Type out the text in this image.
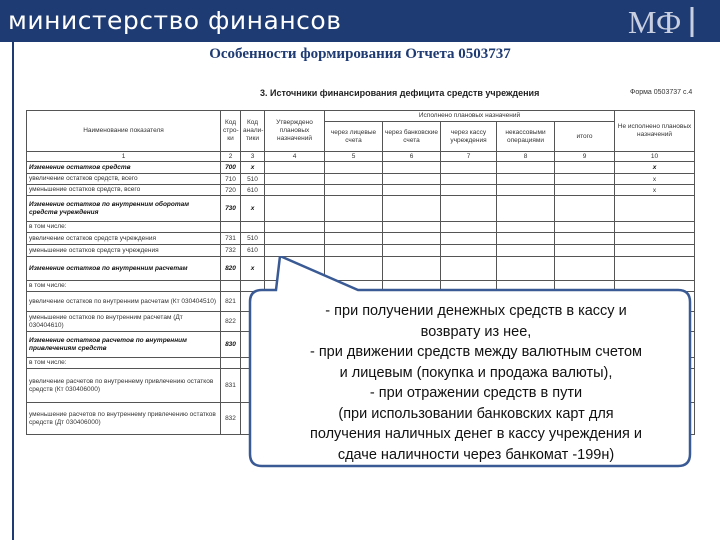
министерство финансов	МФ
Особенности формирования Отчета 0503737
3. Источники финансирования дефицита средств учреждения	Форма 0503737 с.4
Наименование показателя	Код стро-ки	Код анали-тики	Утверждено плановых назначений	Исполнено плановых назначений					Не исполнено плановых назначений
				через лицевые счета	через банковские счета	через кассу учреждения	некассовыми операциями	итого	
1	2	3	4	5	6	7	8	9	10
Изменение остатков средств	700	x							x
увеличение остатков средств, всего	710	510							x
уменьшение остатков средств, всего	720	610							x
Изменение остатков по внутренним оборотам средств учреждения	730	x							
в том числе:									
увеличение остатков средств учреждения	731	510							
уменьшение остатков средств учреждения	732	610							
Изменение остатков по внутренним расчетам	820	x							
в том числе:									
увеличение остатков по внутренним расчетам (Кт 030404510)	821								
уменьшение остатков по внутренним расчетам (Дт 030404610)	822								
Изменение остатков расчетов по внутренним привлечениям средств	830								
в том числе:									
увеличение расчетов по внутреннему привлечению остатков средств (Кт 030406000)	831								
уменьшение расчетов по внутреннему привлечению остатков средств (Дт 030406000)	832								
- при получении денежных средств в кассу и
возврату из нее,
- при движении средств между валютным счетом
и лицевым (покупка и продажа валюты),
- при отражении средств в пути
(при использовании банковских карт для
получения наличных денег в кассу учреждения и
сдаче наличности через банкомат -199н)
